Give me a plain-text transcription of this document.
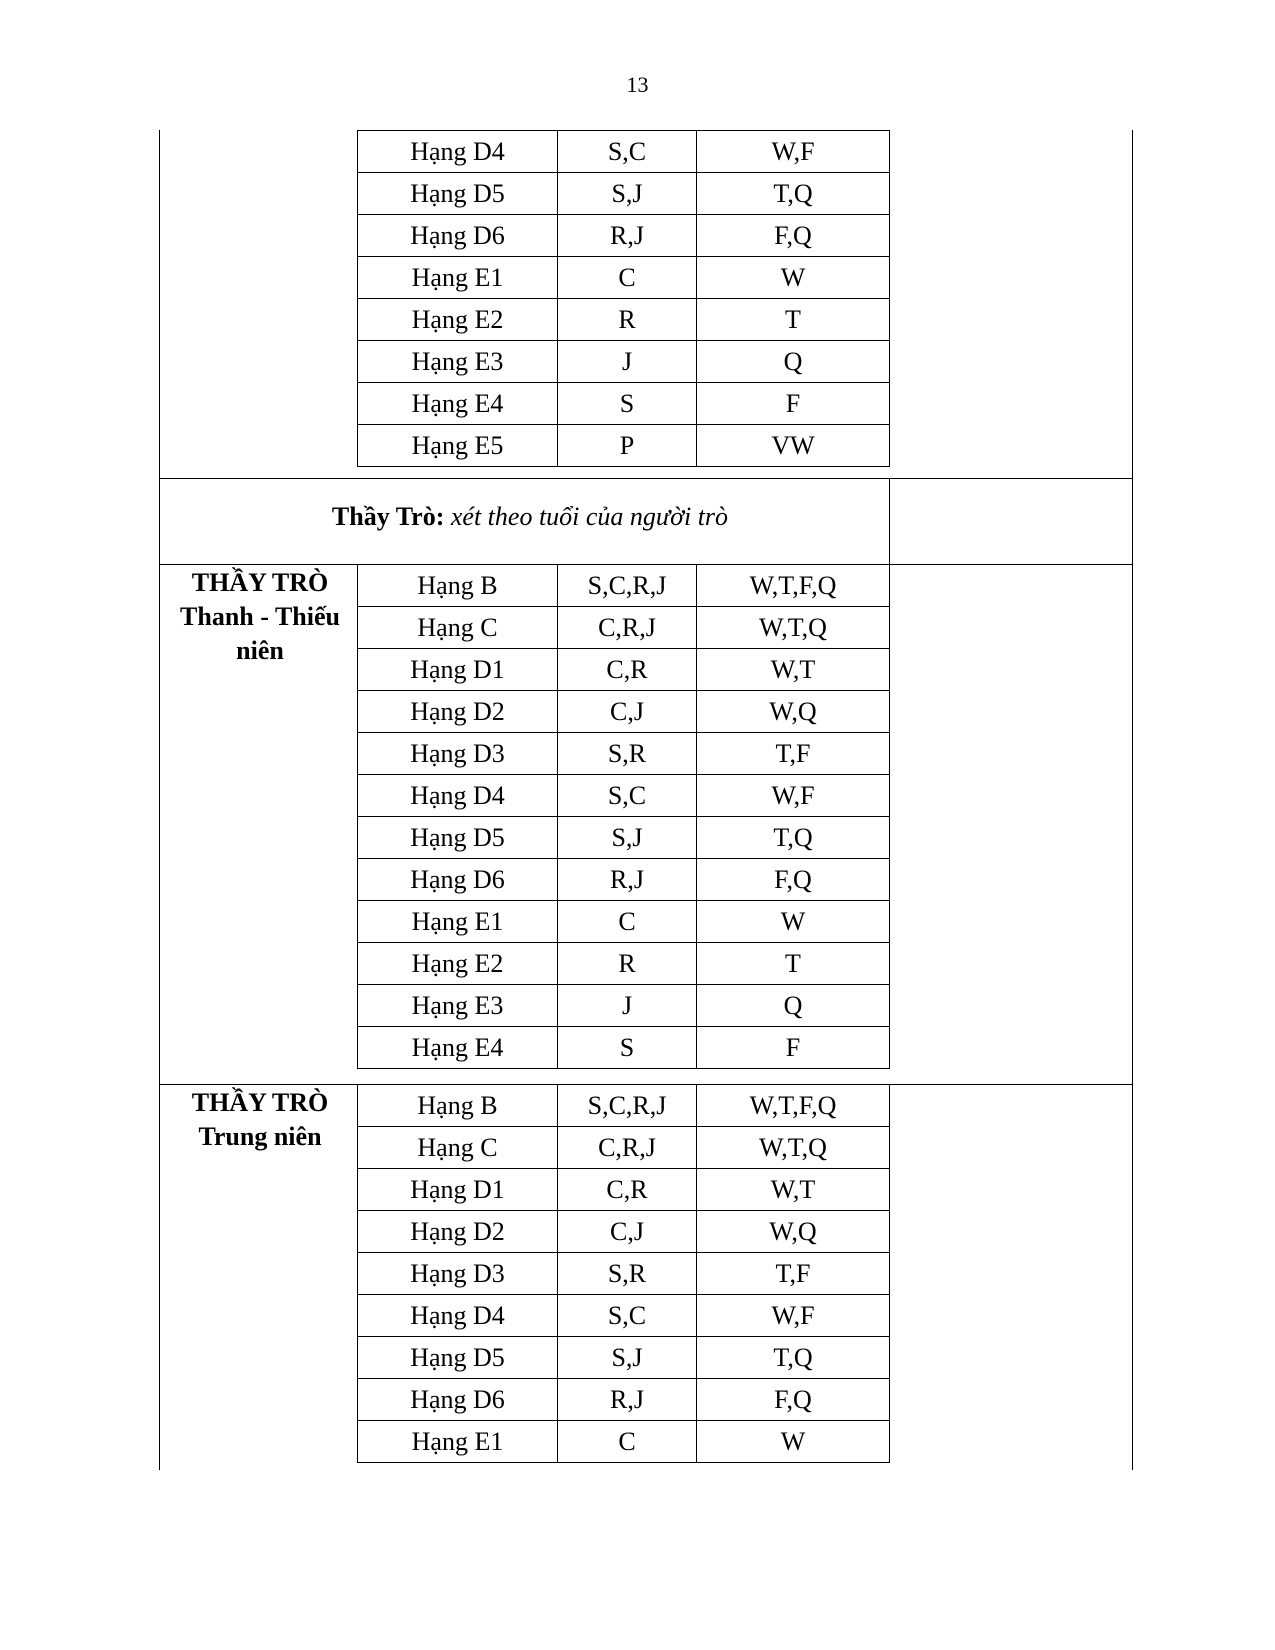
13
Thầy Trò: xét theo tuổi của người trò
THẦY TRÒ
Thanh - Thiếu
niên
THẦY TRÒ
Trung niên
Hạng D4	S,C	W,F
Hạng D5	S,J	T,Q
Hạng D6	R,J	F,Q
Hạng E1	C	W
Hạng E2	R	T
Hạng E3	J	Q
Hạng E4	S	F
Hạng E5	P	VW
Hạng B	S,C,R,J	W,T,F,Q
Hạng C	C,R,J	W,T,Q
Hạng D1	C,R	W,T
Hạng D2	C,J	W,Q
Hạng D3	S,R	T,F
Hạng D4	S,C	W,F
Hạng D5	S,J	T,Q
Hạng D6	R,J	F,Q
Hạng E1	C	W
Hạng E2	R	T
Hạng E3	J	Q
Hạng E4	S	F
Hạng B	S,C,R,J	W,T,F,Q
Hạng C	C,R,J	W,T,Q
Hạng D1	C,R	W,T
Hạng D2	C,J	W,Q
Hạng D3	S,R	T,F
Hạng D4	S,C	W,F
Hạng D5	S,J	T,Q
Hạng D6	R,J	F,Q
Hạng E1	C	W
